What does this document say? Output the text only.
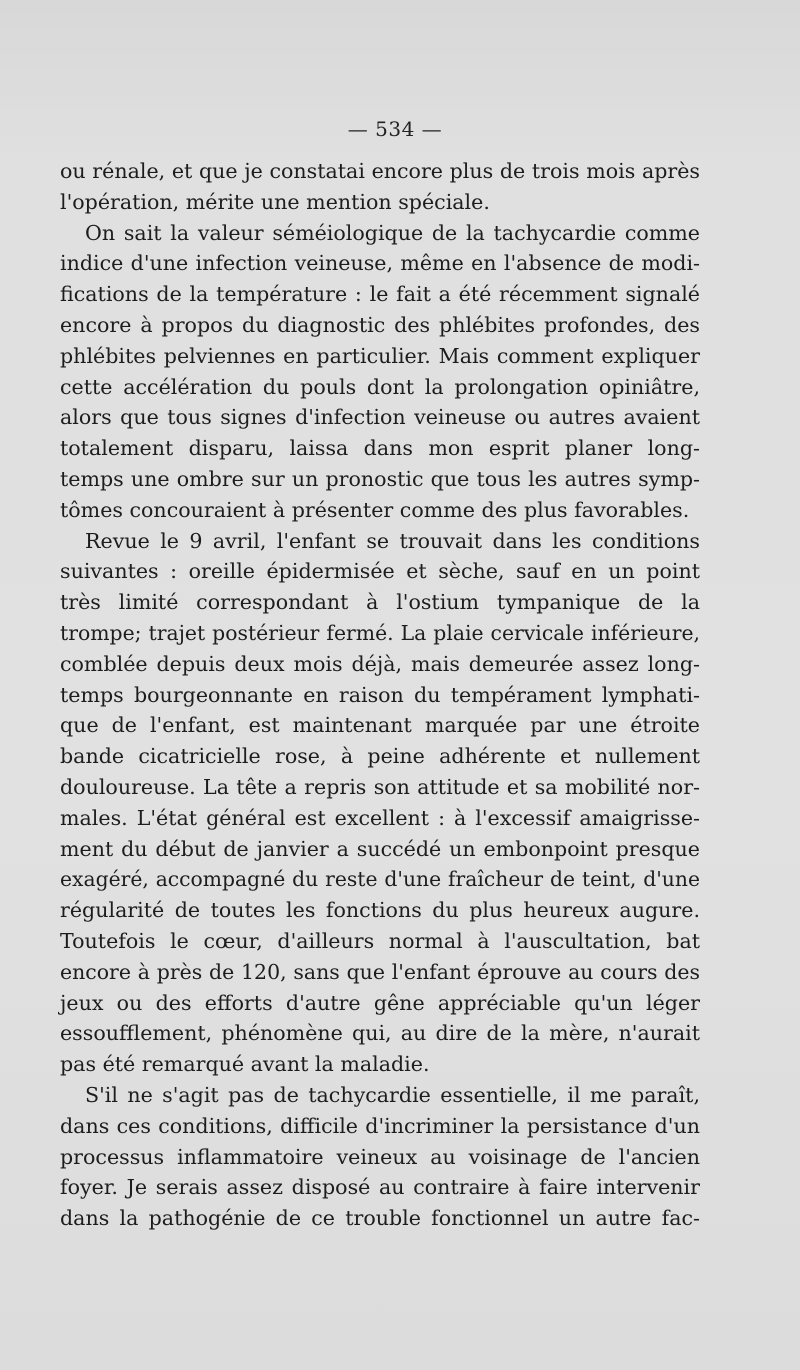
— 534 —
ou rénale, et que je constatai encore plus de trois mois après
l'opération, mérite une mention spéciale.
On sait la valeur séméiologique de la tachycardie comme
indice d'une infection veineuse, même en l'absence de modi-
fications de la température : le fait a été récemment signalé
encore à propos du diagnostic des phlébites profondes, des
phlébites pelviennes en particulier. Mais comment expliquer
cette accélération du pouls dont la prolongation opiniâtre,
alors que tous signes d'infection veineuse ou autres avaient
totalement disparu, laissa dans mon esprit planer long-
temps une ombre sur un pronostic que tous les autres symp-
tômes concouraient à présenter comme des plus favorables.
Revue le 9 avril, l'enfant se trouvait dans les conditions
suivantes : oreille épidermisée et sèche, sauf en un point
très limité correspondant à l'ostium tympanique de la
trompe; trajet postérieur fermé. La plaie cervicale inférieure,
comblée depuis deux mois déjà, mais demeurée assez long-
temps bourgeonnante en raison du tempérament lymphati-
que de l'enfant, est maintenant marquée par une étroite
bande cicatricielle rose, à peine adhérente et nullement
douloureuse. La tête a repris son attitude et sa mobilité nor-
males. L'état général est excellent : à l'excessif amaigrisse-
ment du début de janvier a succédé un embonpoint presque
exagéré, accompagné du reste d'une fraîcheur de teint, d'une
régularité de toutes les fonctions du plus heureux augure.
Toutefois le cœur, d'ailleurs normal à l'auscultation, bat
encore à près de 120, sans que l'enfant éprouve au cours des
jeux ou des efforts d'autre gêne appréciable qu'un léger
essoufflement, phénomène qui, au dire de la mère, n'aurait
pas été remarqué avant la maladie.
S'il ne s'agit pas de tachycardie essentielle, il me paraît,
dans ces conditions, difficile d'incriminer la persistance d'un
processus inflammatoire veineux au voisinage de l'ancien
foyer. Je serais assez disposé au contraire à faire intervenir
dans la pathogénie de ce trouble fonctionnel un autre fac-
